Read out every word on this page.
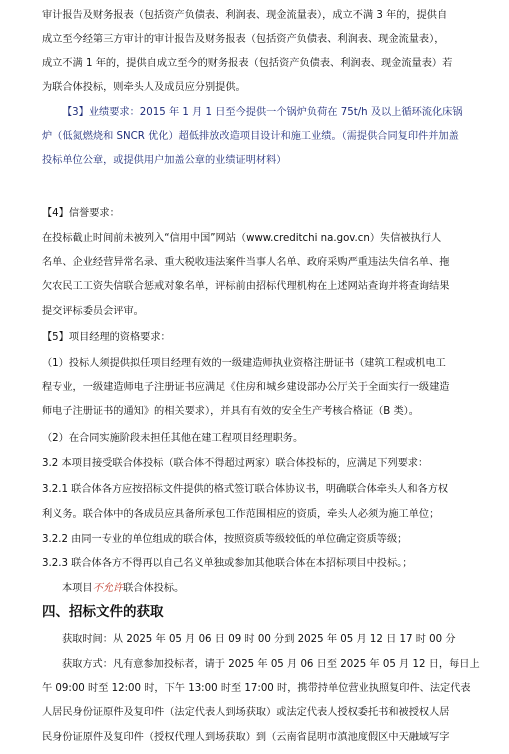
审计报告及财务报表（包括资产负债表、利润表、现金流量表），成立不满 3 年的，提供自
成立至今经第三方审计的审计报告及财务报表（包括资产负债表、利润表、现金流量表），
成立不满 1 年的，提供自成立至今的财务报表（包括资产负债表、利润表、现金流量表）若
为联合体投标，则牵头人及成员应分别提供。
【3】业绩要求：2015 年 1 月 1 日至今提供一个锅炉负荷在 75t/h 及以上循环流化床锅
炉（低氮燃烧和 SNCR 优化）超低排放改造项目设计和施工业绩。（需提供合同复印件并加盖
投标单位公章，或提供用户加盖公章的业绩证明材料）
【4】信誉要求：
在投标截止时间前未被列入“信用中国”网站（www.creditchi na.gov.cn）失信被执行人
名单、企业经营异常名录、重大税收违法案件当事人名单、政府采购严重违法失信名单、拖
欠农民工工资失信联合惩戒对象名单，评标前由招标代理机构在上述网站查询并将查询结果
提交评标委员会评审。
【5】项目经理的资格要求：
（1）投标人须提供拟任项目经理有效的一级建造师执业资格注册证书（建筑工程或机电工
程专业，一级建造师电子注册证书应满足《住房和城乡建设部办公厅关于全面实行一级建造
师电子注册证书的通知》的相关要求），并具有有效的安全生产考核合格证（B 类）。
（2）在合同实施阶段未担任其他在建工程项目经理职务。
3.2 本项目接受联合体投标（联合体不得超过两家）联合体投标的，应满足下列要求：
3.2.1 联合体各方应按招标文件提供的格式签订联合体协议书，明确联合体牵头人和各方权
利义务。联合体中的各成员应具备所承包工作范围相应的资质，牵头人必须为施工单位；
3.2.2 由同一专业的单位组成的联合体，按照资质等级较低的单位确定资质等级；
3.2.3 联合体各方不得再以自己名义单独或参加其他联合体在本招标项目中投标。；
本项目不允许联合体投标。
四、招标文件的获取
获取时间：从 2025 年 05 月 06 日 09 时 00 分到 2025 年 05 月 12 日 17 时 00 分
获取方式：凡有意参加投标者，请于 2025 年 05 月 06 日至 2025 年 05 月 12 日，每日上
午 09:00 时至 12:00 时，下午 13:00 时至 17:00 时，携带持单位营业执照复印件、法定代表
人居民身份证原件及复印件（法定代表人到场获取）或法定代表人授权委托书和被授权人居
民身份证原件及复印件（授权代理人到场获取）到（云南省昆明市滇池度假区中天融域写字
